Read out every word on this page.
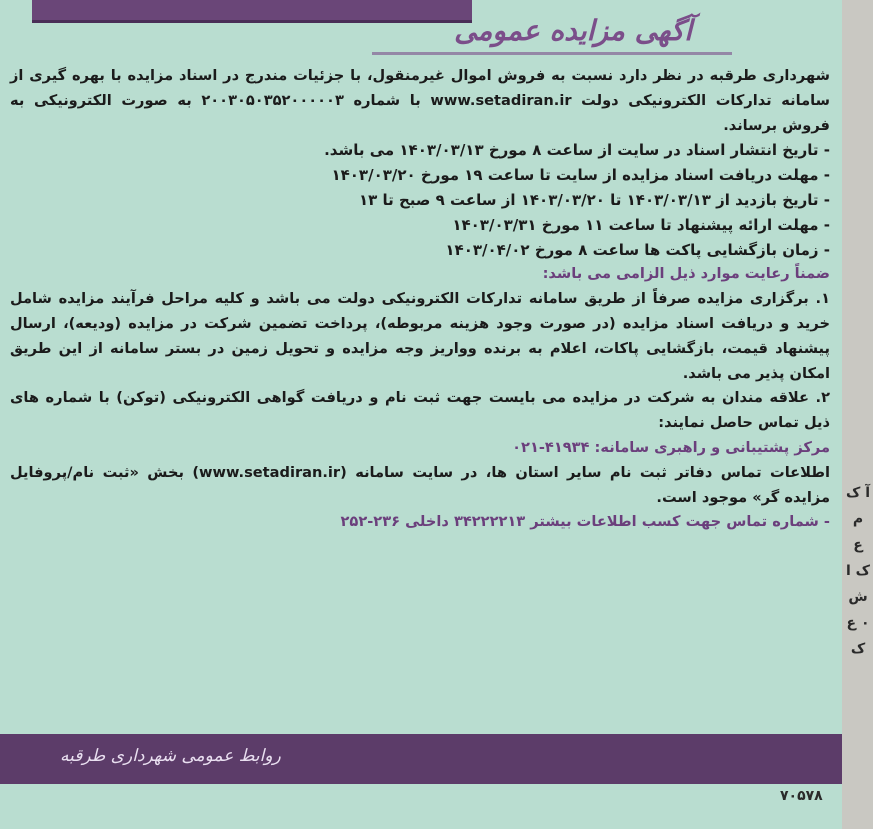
آگهی مزایده عمومی

شهرداری طرقبه در نظر دارد نسبت به فروش اموال غیرمنقول، با جزئیات مندرج در اسناد مزایده با بهره گیری از سامانه تدارکات الکترونیکی دولت www.setadiran.ir با شماره ۲۰۰۳۰۵۰۳۵۲۰۰۰۰۰۳ به صورت الکترونیکی به فروش برساند.

- تاریخ انتشار اسناد در سایت از ساعت ۸ مورخ ۱۴۰۳/۰۳/۱۳ می باشد.

- مهلت دریافت اسناد مزایده از سایت تا ساعت ۱۹ مورخ ۱۴۰۳/۰۳/۲۰

- تاریخ بازدید از ۱۴۰۳/۰۳/۱۳ تا ۱۴۰۳/۰۳/۲۰ از ساعت ۹ صبح تا ۱۳

- مهلت ارائه پیشنهاد تا ساعت ۱۱ مورخ ۱۴۰۳/۰۳/۳۱

- زمان بازگشایی پاکت ها ساعت ۸ مورخ ۱۴۰۳/۰۴/۰۲

ضمناً رعایت موارد ذیل الزامی می باشد:

۱. برگزاری مزایده صرفاً از طریق سامانه تدارکات الکترونیکی دولت می باشد و کلیه مراحل فرآیند مزایده شامل خرید و دریافت اسناد مزایده (در صورت وجود هزینه مربوطه)، پرداخت تضمین شرکت در مزایده (ودیعه)، ارسال پیشنهاد قیمت، بازگشایی پاکات، اعلام به برنده وواریز وجه مزایده و تحویل زمین در بستر سامانه از این طریق امکان پذیر می باشد.

۲. علاقه مندان به شرکت در مزایده می بایست جهت ثبت نام و دریافت گواهی الکترونیکی (توکن) با شماره های ذیل تماس حاصل نمایند:

مرکز پشتیبانی و راهبری سامانه: ۴۱۹۳۴-۰۲۱

اطلاعات تماس دفاتر ثبت نام سایر استان ها، در سایت سامانه (www.setadiran.ir) بخش «ثبت نام/پروفایل مزایده گر» موجود است.

- شماره تماس جهت کسب اطلاعات بیشتر ۳۴۲۲۲۲۱۳ داخلی ۲۳۶-۲۵۲

روابط عمومی شهرداری طرقبه
۷۰۵۷۸
آ ک م ع ک ا ش ۰ ع ک
